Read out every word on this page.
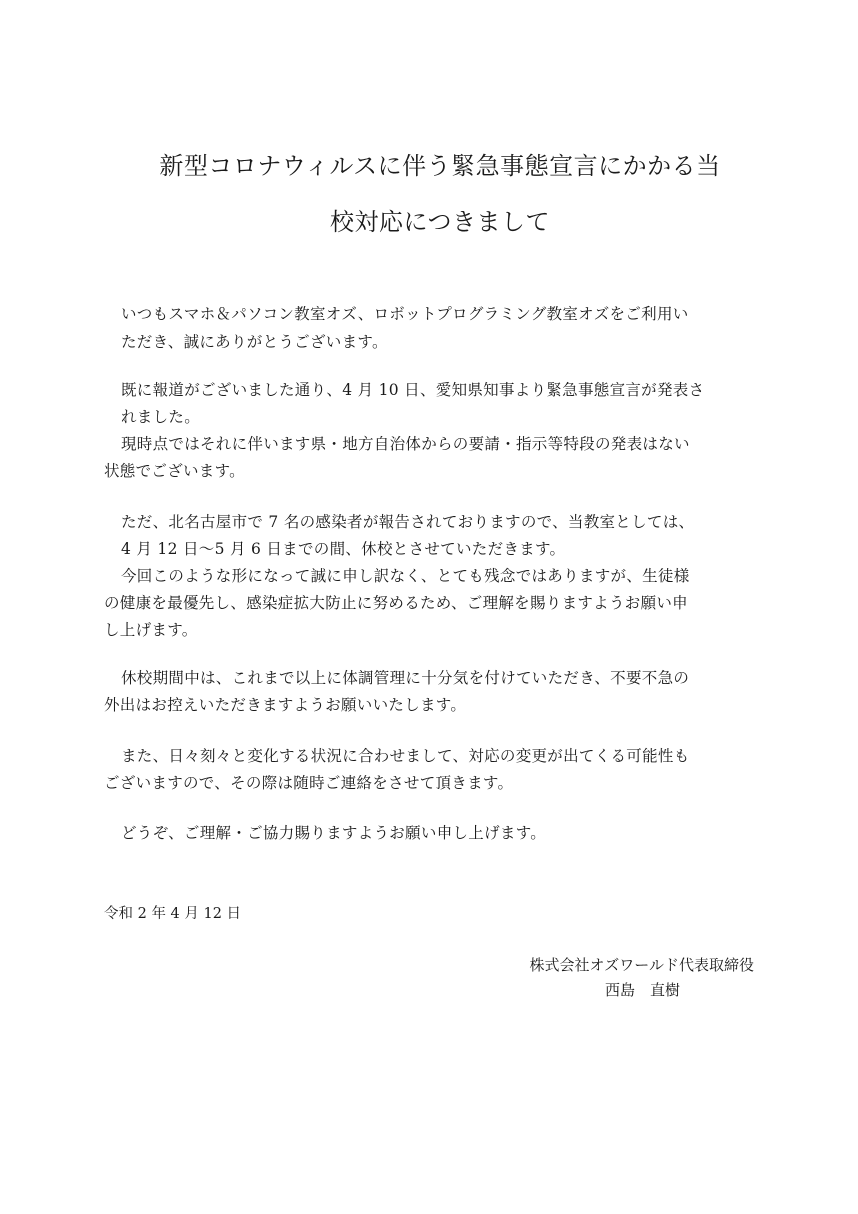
新型コロナウィルスに伴う緊急事態宣言にかかる当
校対応につきまして
いつもスマホ＆パソコン教室オズ、ロボットプログラミング教室オズをご利用い
ただき、誠にありがとうございます。
既に報道がございました通り、4 月 10 日、愛知県知事より緊急事態宣言が発表さ
れました。
現時点ではそれに伴います県・地方自治体からの要請・指示等特段の発表はない
状態でございます。
ただ、北名古屋市で 7 名の感染者が報告されておりますので、当教室としては、
4 月 12 日～5 月 6 日までの間、休校とさせていただきます。
今回このような形になって誠に申し訳なく、とても残念ではありますが、生徒様
の健康を最優先し、感染症拡大防止に努めるため、ご理解を賜りますようお願い申
し上げます。
休校期間中は、これまで以上に体調管理に十分気を付けていただき、不要不急の
外出はお控えいただきますようお願いいたします。
また、日々刻々と変化する状況に合わせまして、対応の変更が出てくる可能性も
ございますので、その際は随時ご連絡をさせて頂きます。
どうぞ、ご理解・ご協力賜りますようお願い申し上げます。
令和 2 年 4 月 12 日
株式会社オズワールド代表取締役
西島　直樹
